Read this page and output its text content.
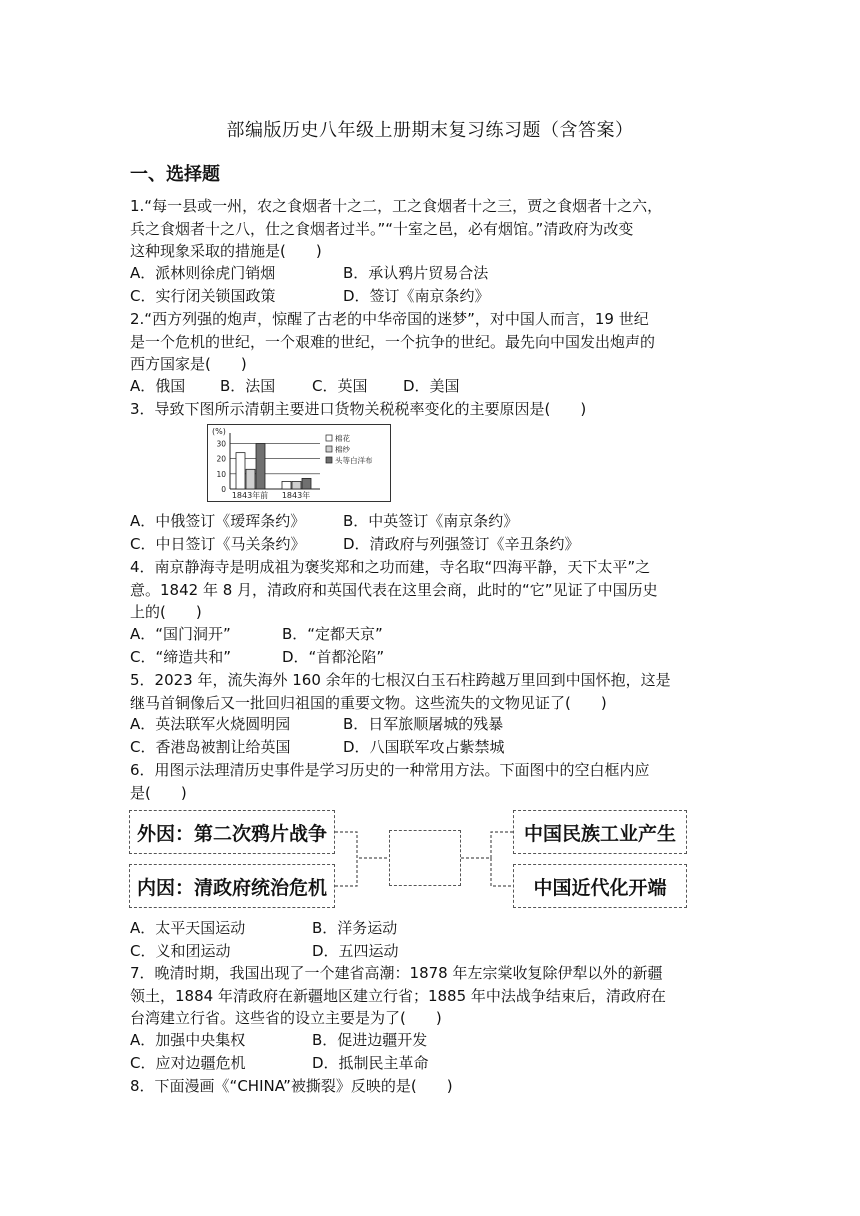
部编版历史八年级上册期末复习练习题（含答案）
一、选择题
1.“每一县或一州，农之食烟者十之二，工之食烟者十之三，贾之食烟者十之六，
兵之食烟者十之八，仕之食烟者过半。”“十室之邑，必有烟馆。”清政府为改变
这种现象采取的措施是(　　)
A．派林则徐虎门销烟	B．承认鸦片贸易合法
C．实行闭关锁国政策	D．签订《南京条约》
2.“西方列强的炮声，惊醒了古老的中华帝国的迷梦”，对中国人而言，19 世纪
是一个危机的世纪，一个艰难的世纪，一个抗争的世纪。最先向中国发出炮声的
西方国家是(　　)
A．俄国 B．法国 C．英国 D．美国
3．导致下图所示清朝主要进口货物关税税率变化的主要原因是(　　)
(%)
0
10
20
30
1843年前 1843年
棉花
棉纱
头等白洋布
A．中俄签订《瑷珲条约》	B．中英签订《南京条约》
C．中日签订《马关条约》	D．清政府与列强签订《辛丑条约》
4．南京静海寺是明成祖为褒奖郑和之功而建，寺名取“四海平静，天下太平”之
意。1842 年 8 月，清政府和英国代表在这里会商，此时的“它”见证了中国历史
上的(　　)
A．“国门洞开”	B．“定都天京”
C．“缔造共和”	D．“首都沦陷”
5．2023 年，流失海外 160 余年的七根汉白玉石柱跨越万里回到中国怀抱，这是
继马首铜像后又一批回归祖国的重要文物。这些流失的文物见证了(　　)
A．英法联军火烧圆明园	B．日军旅顺屠城的残暴
C．香港岛被割让给英国	D．八国联军攻占紫禁城
6．用图示法理清历史事件是学习历史的一种常用方法。下面图中的空白框内应
是(　　)
外因：第二次鸦片战争
内因：清政府统治危机
中国民族工业产生
中国近代化开端
A．太平天国运动	B．洋务运动
C．义和团运动	D．五四运动
7．晚清时期，我国出现了一个建省高潮：1878 年左宗棠收复除伊犁以外的新疆
领土，1884 年清政府在新疆地区建立行省；1885 年中法战争结束后，清政府在
台湾建立行省。这些省的设立主要是为了(　　)
A．加强中央集权	B．促进边疆开发
C．应对边疆危机	D．抵制民主革命
8．下面漫画《“CHINA”被撕裂》反映的是(　　)
